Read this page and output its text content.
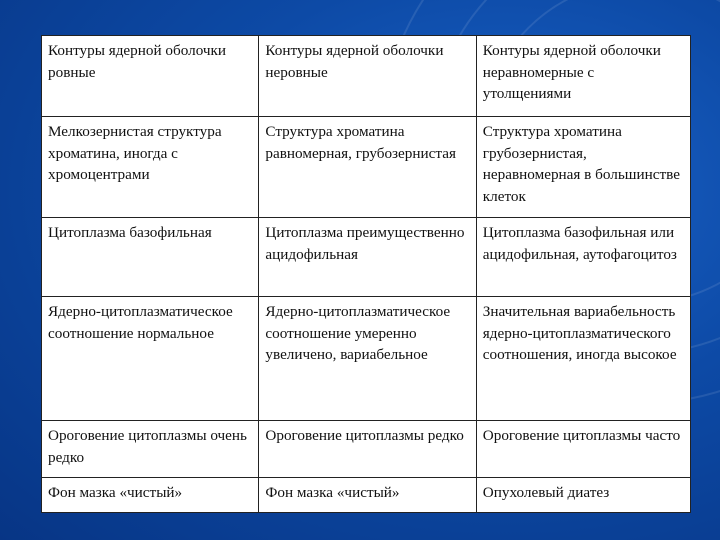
Контуры ядерной оболочки ровные	Контуры ядерной оболочки неровные	Контуры ядерной оболочки неравномерные с утолщениями
Мелкозернистая структура хроматина, иногда с хромоцентрами	Структура хроматина равномерная, грубозернистая	Структура хроматина грубозернистая, неравномерная в большинстве клеток
Цитоплазма базофильная	Цитоплазма преимущественно ацидофильная	Цитоплазма базофильная или ацидофильная, аутофагоцитоз
Ядерно-цитоплазматическое соотношение нормальное	Ядерно-цитоплазматическое соотношение умеренно увеличено, вариабельное	Значительная вариабельность ядерно-цитоплазматического соотношения, иногда высокое
Ороговение цитоплазмы очень редко	Ороговение цитоплазмы редко	Ороговение цитоплазмы часто
Фон мазка «чистый»	Фон мазка «чистый»	Опухолевый диатез
